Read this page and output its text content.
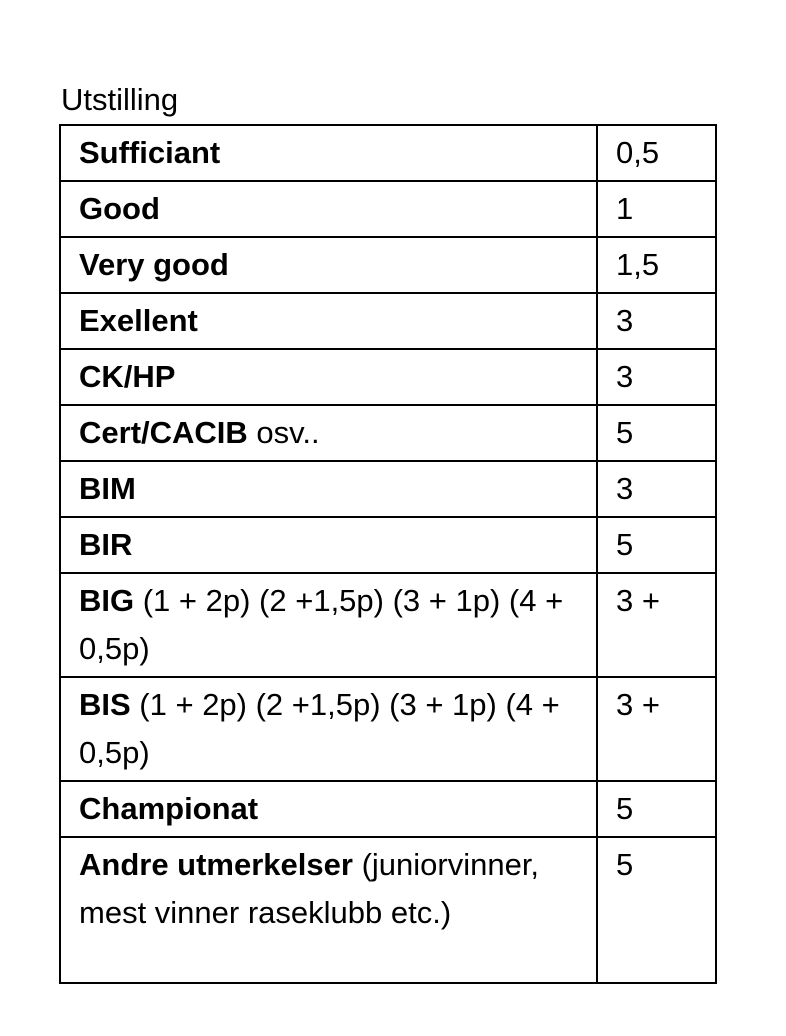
Utstilling
Sufficiant	0,5
Good	1
Very good	1,5
Exellent	3
CK/HP	3
Cert/CACIB osv..	5
BIM	3
BIR	5
BIG (1 + 2p) (2 +1,5p) (3 + 1p) (4 + 0,5p)	3 +
BIS (1 + 2p) (2 +1,5p) (3 + 1p) (4 + 0,5p)	3 +
Championat	5
Andre utmerkelser (juniorvinner, mest vinner raseklubb etc.)	5
